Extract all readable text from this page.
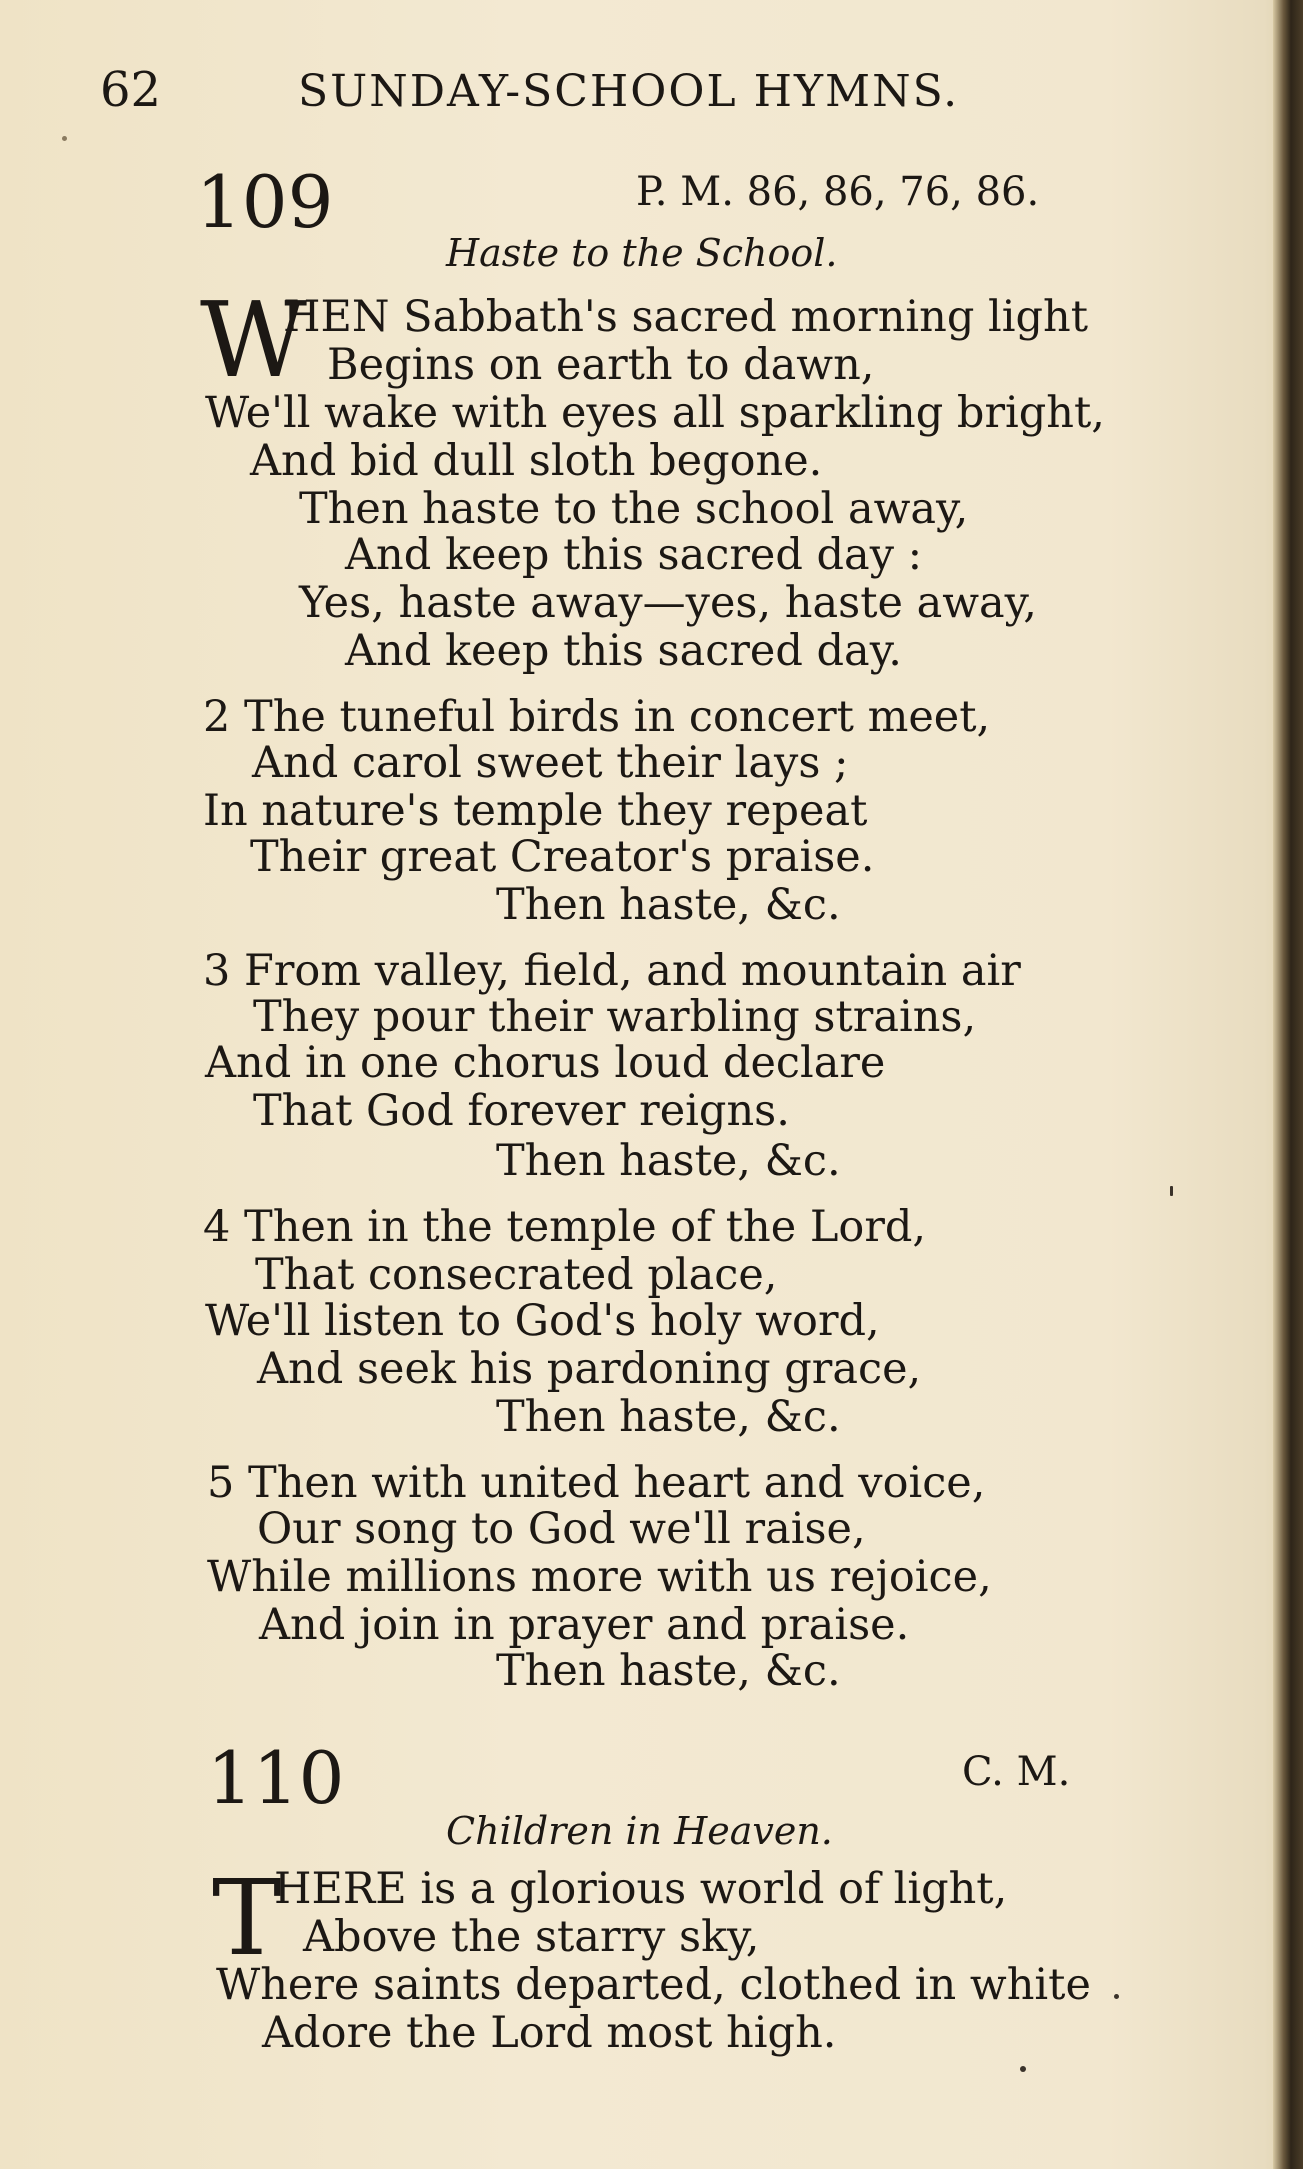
62	SUNDAY-SCHOOL HYMNS.
109	P. M. 86, 86, 76, 86.
Haste to the School.
W
HEN Sabbath's sacred morning light
Begins on earth to dawn,
We'll wake with eyes all sparkling bright,
And bid dull sloth begone.
Then haste to the school away,
And keep this sacred day :
Yes, haste away—yes, haste away,
And keep this sacred day.
2 The tuneful birds in concert meet,
And carol sweet their lays ;
In nature's temple they repeat
Their great Creator's praise.
Then haste, &c.
3 From valley, field, and mountain air
They pour their warbling strains,
And in one chorus loud declare
That God forever reigns.
Then haste, &c.
4 Then in the temple of the Lord,
That consecrated place,
We'll listen to God's holy word,
And seek his pardoning grace,
Then haste, &c.
5 Then with united heart and voice,
Our song to God we'll raise,
While millions more with us rejoice,
And join in prayer and praise.
Then haste, &c.
110	C. M.
Children in Heaven.
T
HERE is a glorious world of light,
Above the starry sky,
Where saints departed, clothed in white
Adore the Lord most high.
